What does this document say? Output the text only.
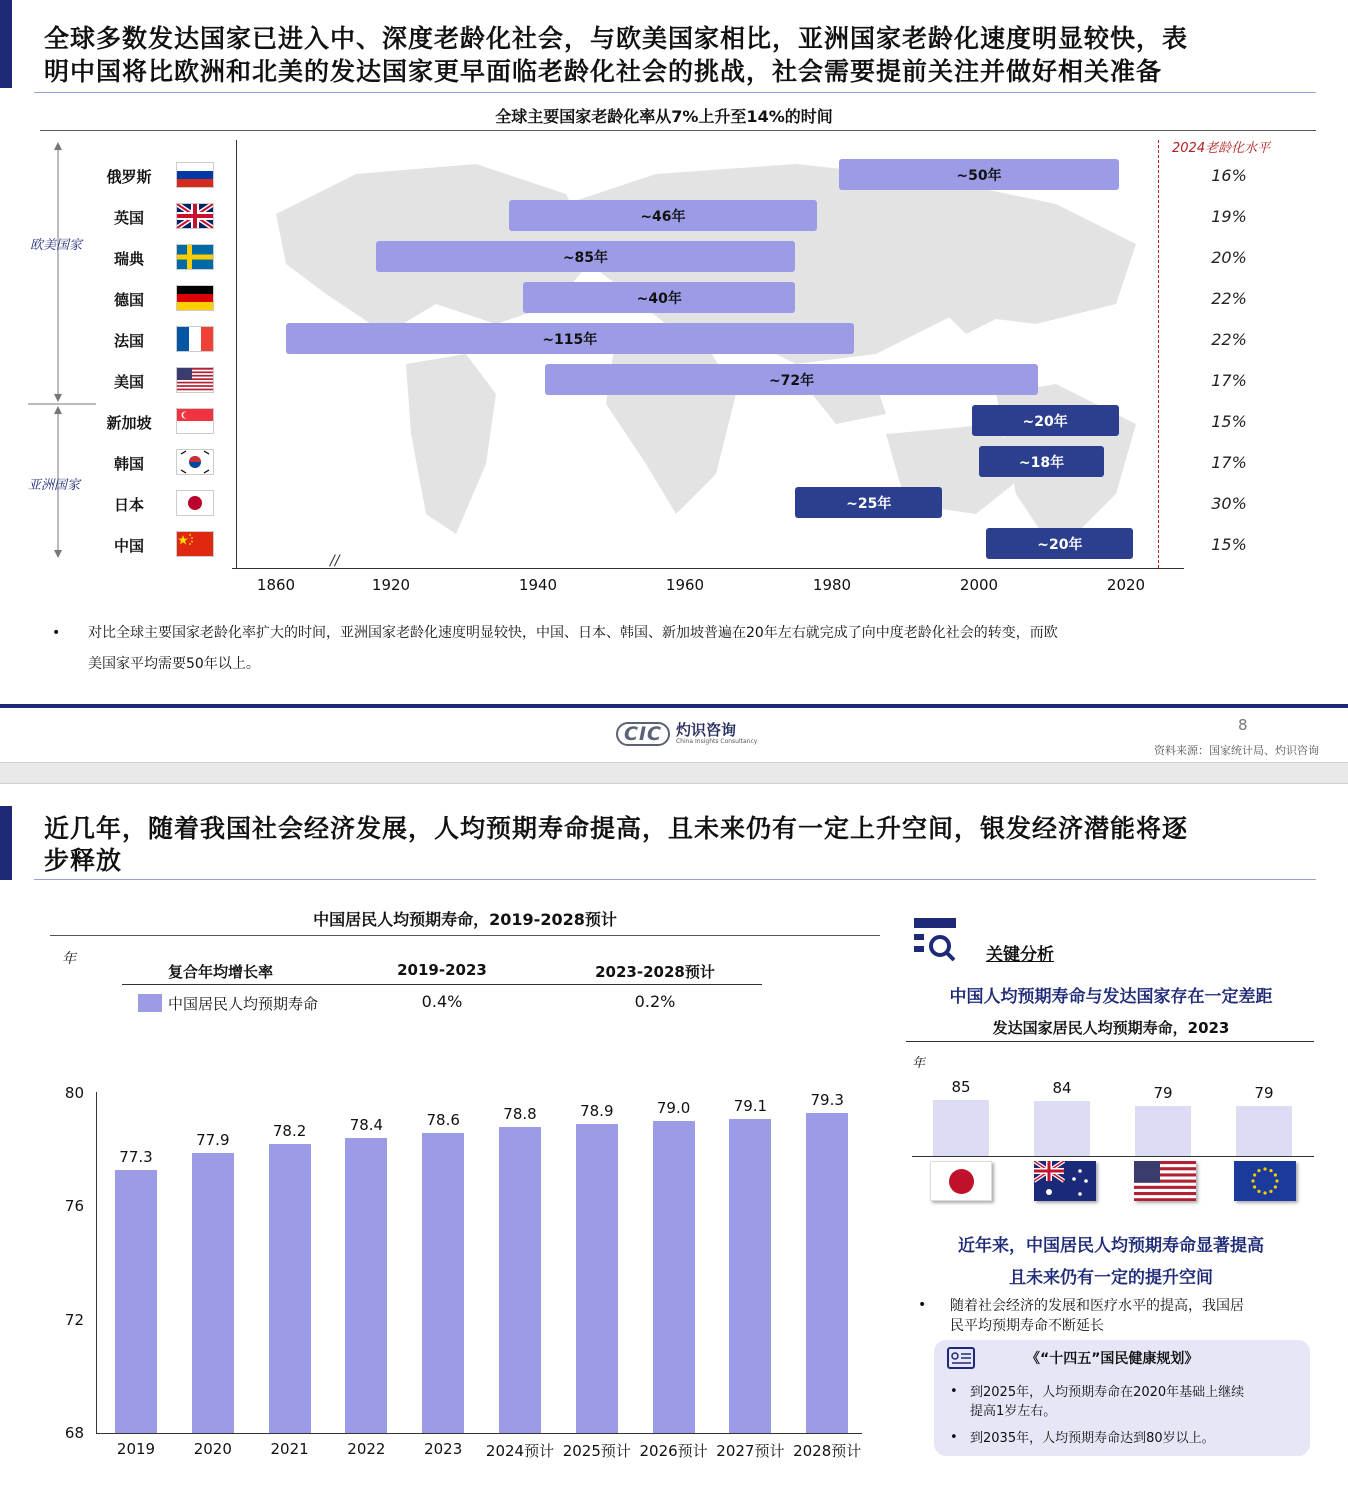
全球多数发达国家已进入中、深度老龄化社会，与欧美国家相比，亚洲国家老龄化速度明显较快，表
明中国将比欧洲和北美的发达国家更早面临老龄化社会的挑战，社会需要提前关注并做好相关准备
全球主要国家老龄化率从7%上升至14%的时间
欧美国家
亚洲国家
俄罗斯	~50年	16%
英国	~46年	19%
瑞典	~85年	20%
德国	~40年	22%
法国	~115年	22%
美国	~72年	17%
新加坡	~20年	15%
韩国	~18年	17%
日本	~25年	30%
中国	~20年	15%
//
1860	1920	1940	1960	1980	2000	2020
2024老龄化水平
• 对比全球主要国家老龄化率扩大的时间，亚洲国家老龄化速度明显较快，中国、日本、韩国、新加坡普遍在20年左右就完成了向中度老龄化社会的转变，而欧
美国家平均需要50年以上。
CIC 灼识咨询
China Insights Consultancy
8
资料来源：国家统计局、灼识咨询
近几年，随着我国社会经济发展，人均预期寿命提高，且未来仍有一定上升空间，银发经济潜能将逐
步释放
中国居民人均预期寿命，2019-2028预计
年
复合年均增长率	2019-2023	2023-2028预计
中国居民人均预期寿命	0.4%	0.2%
68
72
76
80
77.3
2019
77.9
2020
78.2
2021
78.4
2022
78.6
2023
78.8
2024预计
78.9
2025预计
79.0
2026预计
79.1
2027预计
79.3
2028预计
关键分析
中国人均预期寿命与发达国家存在一定差距
发达国家居民人均预期寿命，2023
年
85	84	79	79
近年来，中国居民人均预期寿命显著提高
且未来仍有一定的提升空间
• 随着社会经济的发展和医疗水平的提高，我国居
民平均预期寿命不断延长
《“十四五”国民健康规划》
• 到2025年，人均预期寿命在2020年基础上继续
提高1岁左右。
• 到2035年，人均预期寿命达到80岁以上。
